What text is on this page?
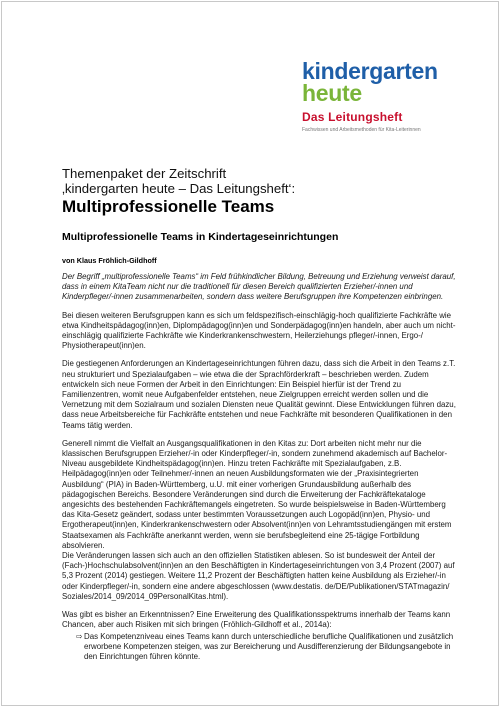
kindergarten
heute
Das Leitungsheft
Fachwissen und Arbeitsmethoden für Kita-Leiterinnen
Themenpaket der Zeitschrift
‚kindergarten heute – Das Leitungsheft‘:
Multiprofessionelle Teams
Multiprofessionelle Teams in Kindertageseinrichtungen
von Klaus Fröhlich-Gildhoff
Der Begriff „multiprofessionelle Teams“ im Feld frühkindlicher Bildung, Betreuung und Erziehung verweist darauf, dass in einem KitaTeam nicht nur die traditionell für diesen Bereich qualifizierten Erzieher/-innen und Kinderpfleger/-innen zusammenarbeiten, sondern dass weitere Berufsgruppen ihre Kompetenzen einbringen.
Bei diesen weiteren Berufsgruppen kann es sich um feldspezifisch-einschlägig-hoch qualifizierte Fachkräfte wie etwa Kindheitspädagog(inn)en, Diplompädagog(inn)en und Sonderpädagog(inn)en handeln, aber auch um nicht-einschlägig qualifizierte Fachkräfte wie Kinderkrankenschwestern, Heilerziehungs pfleger/-innen, Ergo-/ Physiotherapeut(inn)en.
Die gestiegenen Anforderungen an Kindertageseinrichtungen führen dazu, dass sich die Arbeit in den Teams z.T. neu strukturiert und Spezialaufgaben – wie etwa die der Sprachförderkraft – beschrieben werden. Zudem entwickeln sich neue Formen der Arbeit in den Einrichtungen: Ein Beispiel hierfür ist der Trend zu Familienzentren, womit neue Aufgabenfelder entstehen, neue Zielgruppen erreicht werden sollen und die Vernetzung mit dem Sozialraum und sozialen Diensten neue Qualität gewinnt. Diese Entwicklungen führen dazu, dass neue Arbeitsbereiche für Fachkräfte entstehen und neue Fachkräfte mit besonderen Qualifikationen in den Teams tätig werden.
Generell nimmt die Vielfalt an Ausgangsqualifikationen in den Kitas zu: Dort arbeiten nicht mehr nur die klassischen Berufsgruppen Erzieher/-in oder Kinderpfleger/-in, sondern zunehmend akademisch auf Bachelor-Niveau ausgebildete Kindheitspädagog(inn)en. Hinzu treten Fachkräfte mit Spezialaufgaben, z.B. Heilpädagog(inn)en oder Teilnehmer/-innen an neuen Ausbildungsformaten wie der „Praxisintegrierten Ausbildung“ (PIA) in Baden-Württemberg, u.U. mit einer vorherigen Grundausbildung außerhalb des pädagogischen Bereichs. Besondere Veränderungen sind durch die Erweiterung der Fachkräftekataloge angesichts des bestehenden Fachkräftemangels eingetreten. So wurde beispielsweise in Baden-Württemberg das Kita-Gesetz geändert, sodass unter bestimmten Voraussetzungen auch Logopäd(inn)en, Physio- und Ergotherapeut(inn)en, Kinderkrankenschwestern oder Absolvent(inn)en von Lehramtsstudiengängen mit erstem Staatsexamen als Fachkräfte anerkannt werden, wenn sie berufsbegleitend eine 25-tägige Fortbildung absolvieren.
Die Veränderungen lassen sich auch an den offiziellen Statistiken ablesen. So ist bundesweit der Anteil der (Fach-)Hochschulabsolvent(inn)en an den Beschäftigten in Kindertageseinrichtungen von 3,4 Prozent (2007) auf 5,3 Prozent (2014) gestiegen. Weitere 11,2 Prozent der Beschäftigten hatten keine Ausbildung als Erzieher/-in oder Kinderpfleger/-in, sondern eine andere abgeschlossen (www.destatis. de/DE/Publikationen/STATmagazin/ Soziales/2014_09/2014_09PersonalKitas.html).
Was gibt es bisher an Erkenntnissen? Eine Erweiterung des Qualifikationsspektrums innerhalb der Teams kann Chancen, aber auch Risiken mit sich bringen (Fröhlich-Gildhoff et al., 2014a):
⇨ Das Kompetenzniveau eines Teams kann durch unterschiedliche berufliche Qualifikationen und zusätzlich erworbene Kompetenzen steigen, was zur Bereicherung und Ausdifferenzierung der Bildungsangebote in den Einrichtungen führen könnte.
